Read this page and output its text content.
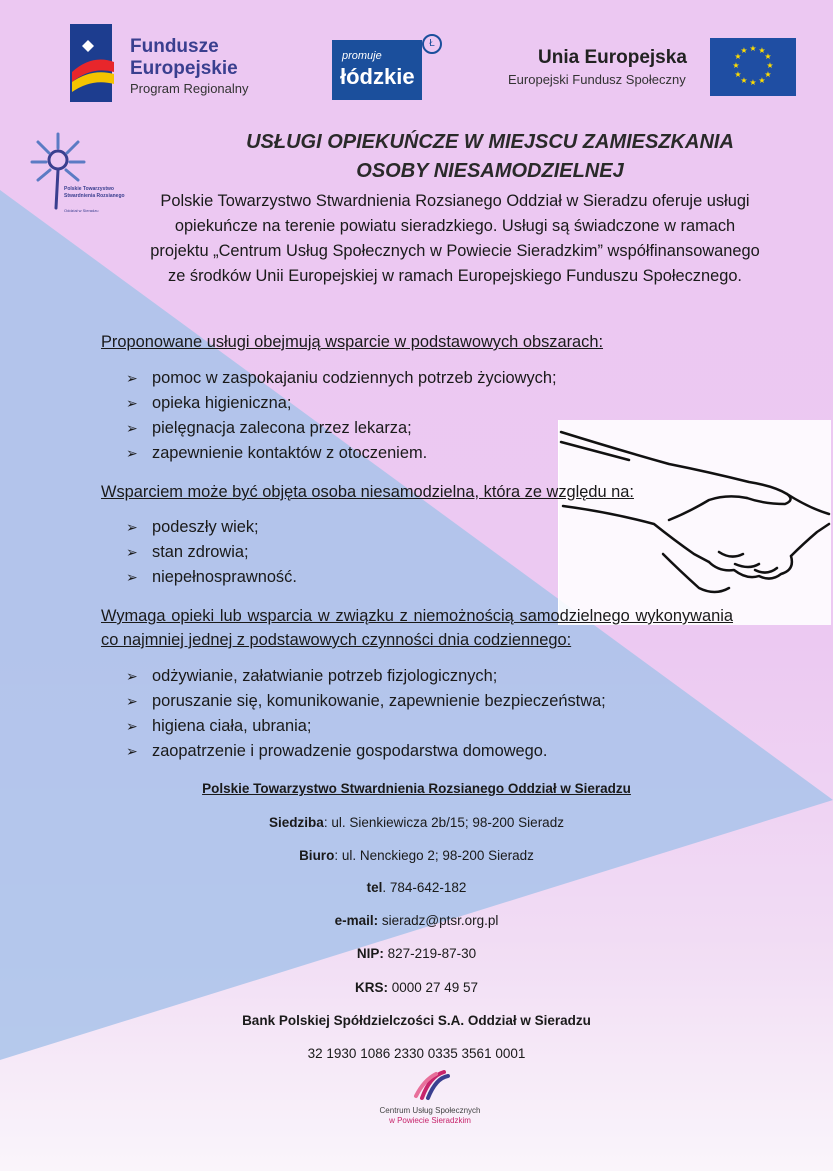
Fundusze
Europejskie
Program Regionalny
promuje
łódzkie
Ł
Unia Europejska
Europejski Fundusz Społeczny
★ ★
★
★
★
★
★
★
★
★
★
★
Polskie Towarzystwo
Stwardnienia Rozsianego
Oddział w Sieradzu
USŁUGI OPIEKUŃCZE W MIEJSCU ZAMIESZKANIA
OSOBY NIESAMODZIELNEJ
Polskie Towarzystwo Stwardnienia Rozsianego Oddział w Sieradzu oferuje usługi opiekuńcze na terenie powiatu sieradzkiego. Usługi są świadczone w ramach projektu „Centrum Usług Społecznych w Powiecie Sieradzkim” współfinansowanego ze środków Unii Europejskiej w ramach Europejskiego Funduszu Społecznego.
Proponowane usługi obejmują wsparcie w podstawowych obszarach:
➢ pomoc w zaspokajaniu codziennych potrzeb życiowych;
➢ opieka higieniczna;
➢ pielęgnacja zalecona przez lekarza;
➢ zapewnienie kontaktów z otoczeniem.
Wsparciem może być objęta osoba niesamodzielna, która ze względu na:
➢ podeszły wiek;
➢ stan zdrowia;
➢ niepełnosprawność.
Wymaga opieki lub wsparcia w związku z niemożnością samodzielnego wykonywania co najmniej jednej z podstawowych czynności dnia codziennego:
➢ odżywianie, załatwianie potrzeb fizjologicznych;
➢ poruszanie się, komunikowanie, zapewnienie bezpieczeństwa;
➢ higiena ciała, ubrania;
➢ zaopatrzenie i prowadzenie gospodarstwa domowego.
Polskie Towarzystwo Stwardnienia Rozsianego Oddział w Sieradzu
Siedziba: ul. Sienkiewicza 2b/15; 98-200 Sieradz
Biuro: ul. Nenckiego 2; 98-200 Sieradz
tel. 784-642-182
e-mail: sieradz@ptsr.org.pl
NIP: 827-219-87-30
KRS: 0000 27 49 57
Bank Polskiej Spółdzielczości S.A. Oddział w Sieradzu
32 1930 1086 2330 0335 3561 0001
Centrum Usług Społecznych
w Powiecie Sieradzkim
